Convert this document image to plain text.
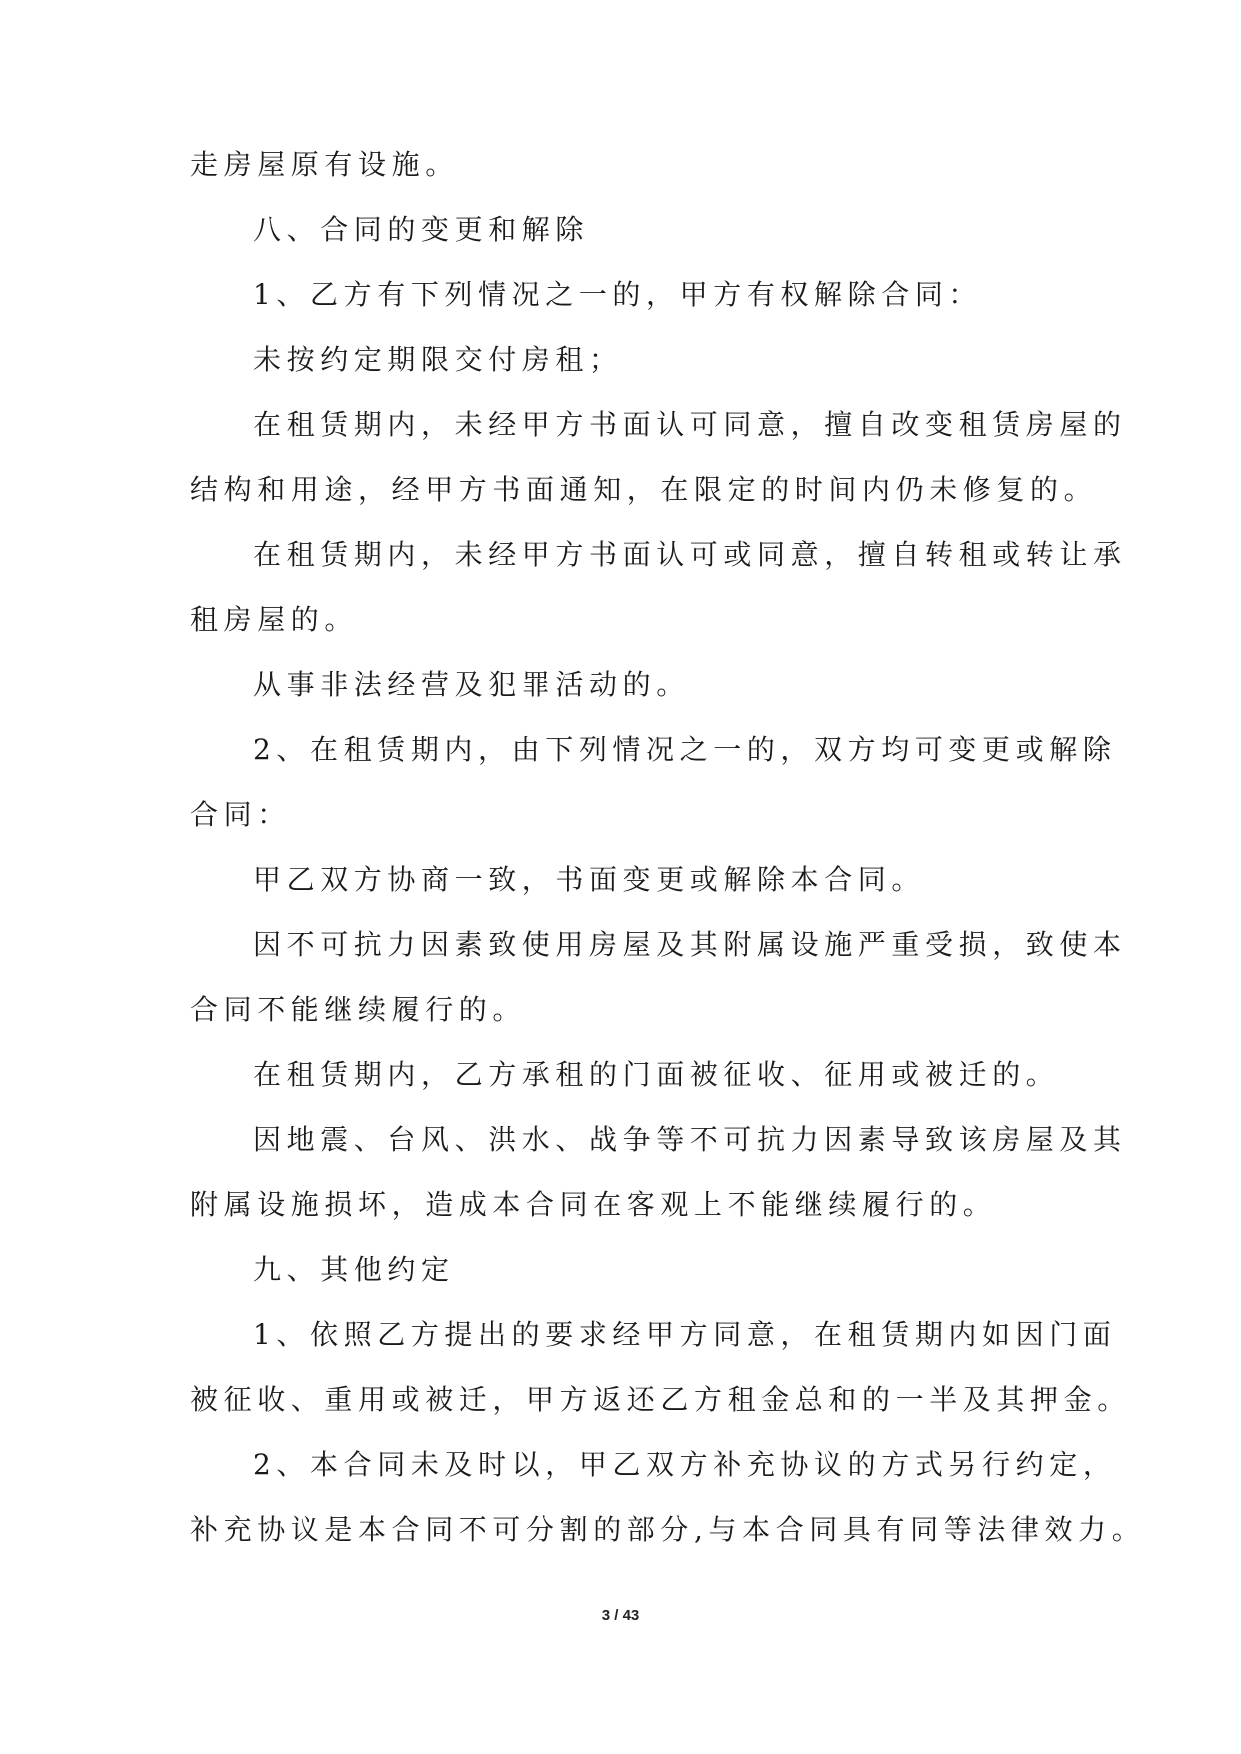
走房屋原有设施。
八、合同的变更和解除
1、乙方有下列情况之一的，甲方有权解除合同：
未按约定期限交付房租；
在租赁期内，未经甲方书面认可同意，擅自改变租赁房屋的
结构和用途，经甲方书面通知，在限定的时间内仍未修复的。
在租赁期内，未经甲方书面认可或同意，擅自转租或转让承
租房屋的。
从事非法经营及犯罪活动的。
2、在租赁期内，由下列情况之一的，双方均可变更或解除
合同：
甲乙双方协商一致，书面变更或解除本合同。
因不可抗力因素致使用房屋及其附属设施严重受损，致使本
合同不能继续履行的。
在租赁期内，乙方承租的门面被征收、征用或被迁的。
因地震、台风、洪水、战争等不可抗力因素导致该房屋及其
附属设施损坏，造成本合同在客观上不能继续履行的。
九、其他约定
1、依照乙方提出的要求经甲方同意，在租赁期内如因门面
被征收、重用或被迁，甲方返还乙方租金总和的一半及其押金。
2、本合同未及时以，甲乙双方补充协议的方式另行约定，
补充协议是本合同不可分割的部分,与本合同具有同等法律效力。
3 / 43
